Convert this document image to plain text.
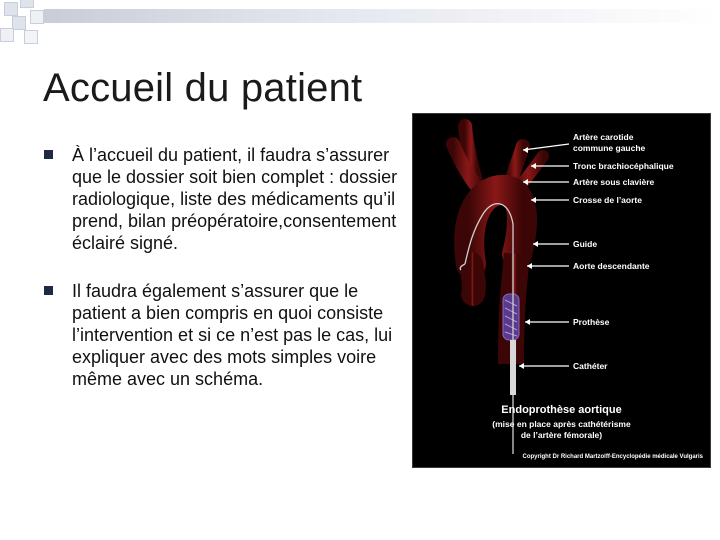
Accueil du patient
À l’accueil du patient, il faudra s’assurer que le dossier soit bien complet : dossier radiologique, liste des médicaments qu’il prend, bilan préopératoire,consentement éclairé signé.
Il faudra également s’assurer que le patient a bien compris en quoi consiste l’intervention et si ce n’est pas le cas, lui expliquer avec des mots simples voire même avec un schéma.
Artère carotide
commune gauche
Tronc brachiocéphalique
Artère sous clavière
Crosse de l’aorte
Guide
Aorte descendante
Prothèse
Cathéter
Endoprothèse aortique
(mise en place après cathétérisme
de l’artère fémorale)
Copyright Dr Richard Martzolff-Encyclopédie médicale Vulgaris
